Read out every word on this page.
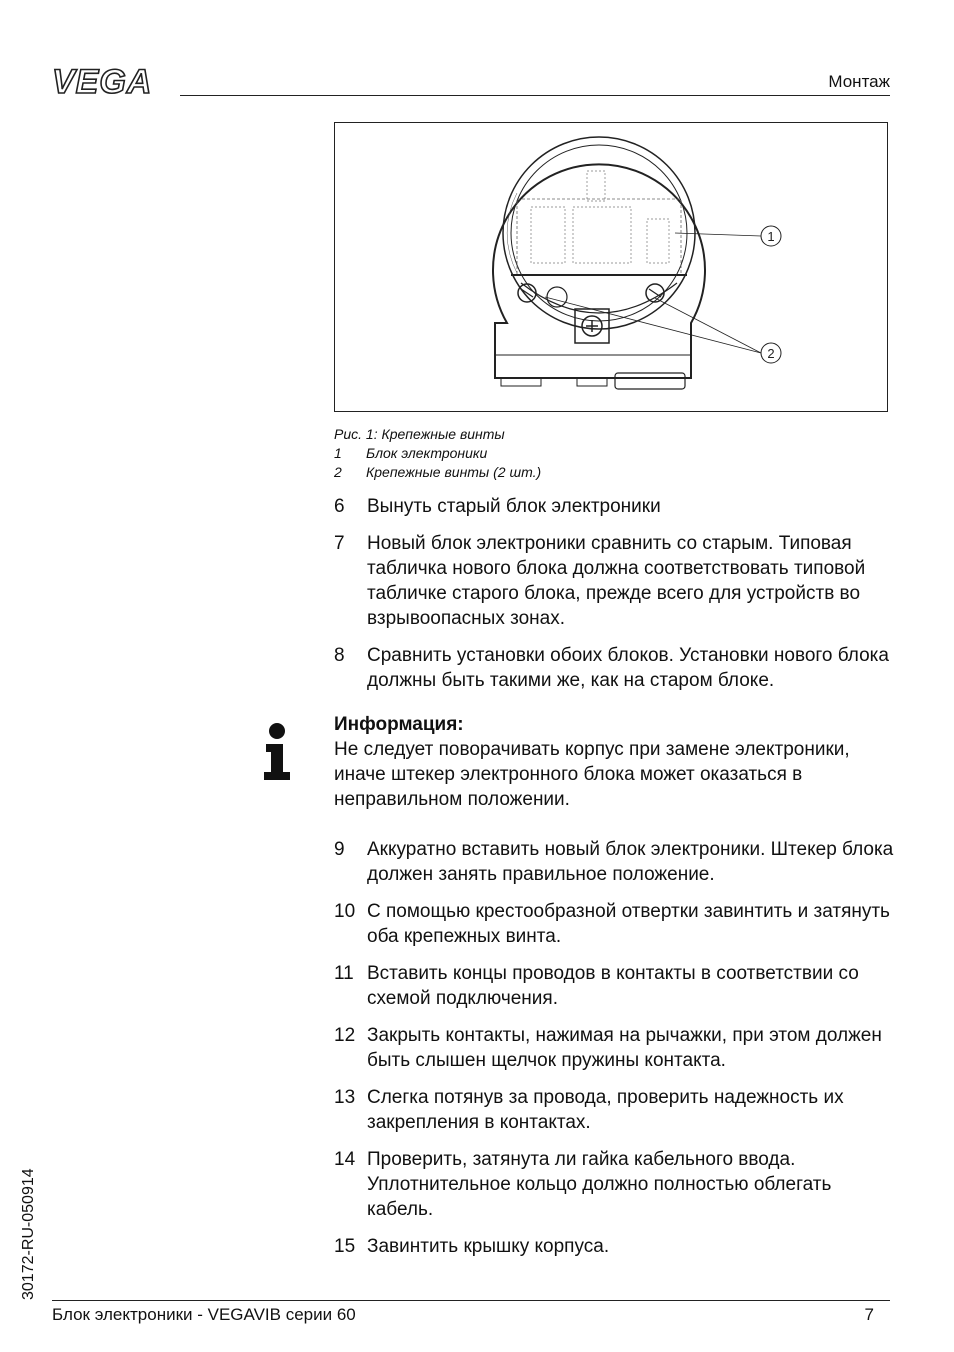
VEGA	Монтаж
1
2
Рис. 1: Крепежные винты
1	Блок электроники
2	Крепежные винты (2 шт.)
6	Вынуть старый блок электроники
7	Новый блок электроники сравнить со старым. Типовая табличка нового блока должна соответствовать типовой табличке старого блока, прежде всего для устройств во взрывоопасных зонах.
8	Сравнить установки обоих блоков. Установки нового блока должны быть такими же, как на старом блоке.
Информация:
Не следует поворачивать корпус при замене электроники, иначе штекер электронного блока может оказаться в неправильном положении.
9	Аккуратно вставить новый блок электроники. Штекер блока должен занять правильное положение.
10 С помощью крестообразной отвертки завинтить и затянуть оба крепежных винта.
11 Вставить концы проводов в контакты в соответствии со схемой подключения.
12 Закрыть контакты, нажимая на рычажки, при этом должен быть слышен щелчок пружины контакта.
13 Слегка потянув за провода, проверить надежность их закрепления в контактах.
14 Проверить, затянута ли гайка кабельного ввода. Уплотнительное кольцо должно полностью облегать кабель.
15 Завинтить крышку корпуса.
30172-RU-050914
Блок электроники - VEGAVIB серии 60	7
